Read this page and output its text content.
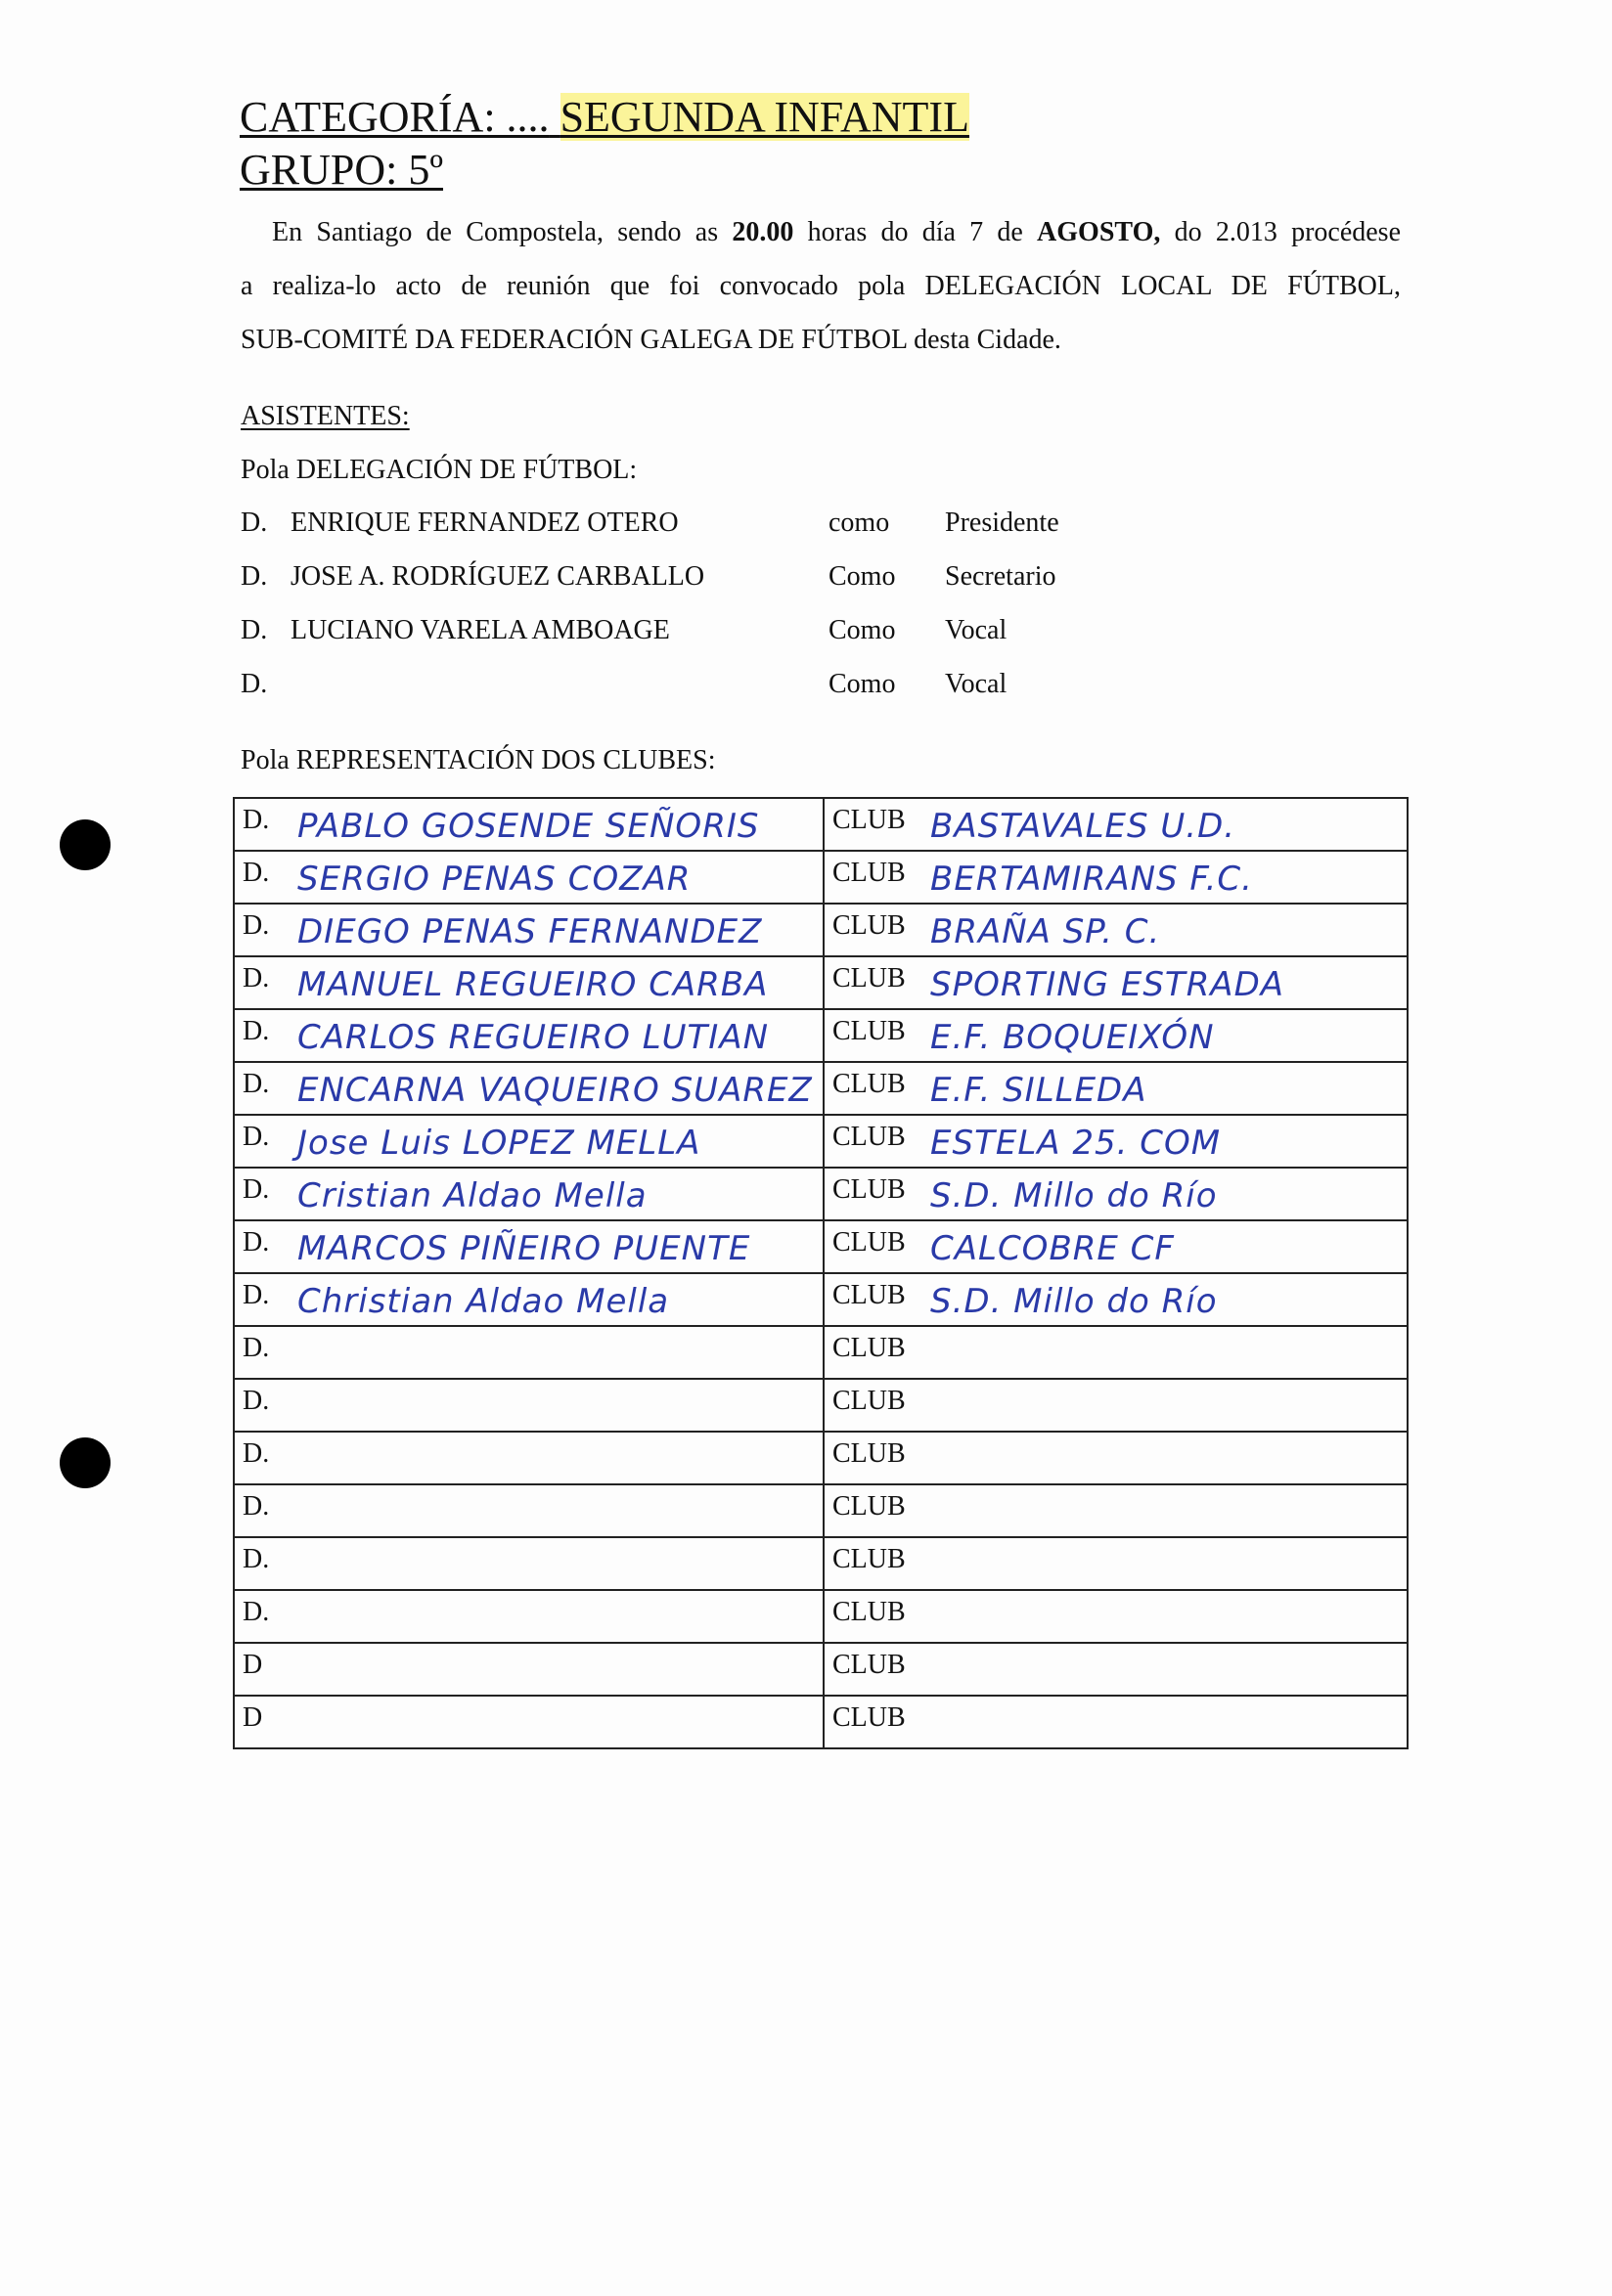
CATEGORÍA: .... SEGUNDA INFANTIL
GRUPO: 5º
En Santiago de Compostela, sendo as 20.00 horas do día 7 de AGOSTO, do 2.013 procédese
a realiza-lo acto de reunión que foi convocado pola DELEGACIÓN LOCAL DE FÚTBOL,
SUB-COMITÉ DA FEDERACIÓN GALEGA DE FÚTBOL desta Cidade.
ASISTENTES:
Pola DELEGACIÓN DE FÚTBOL:
D. ENRIQUE FERNANDEZ OTERO	como Presidente
D. JOSE A. RODRÍGUEZ CARBALLO	Como Secretario
D. LUCIANO VARELA AMBOAGE	Como Vocal
D.	Como Vocal
Pola REPRESENTACIÓN DOS CLUBES:
D. PABLO GOSENDE SEÑORIS	CLUB BASTAVALES U.D.

D. SERGIO PENAS COZAR	CLUB BERTAMIRANS F.C.

D. DIEGO PENAS FERNANDEZ	CLUB BRAÑA SP. C.

D. MANUEL REGUEIRO CARBA	CLUB SPORTING ESTRADA

D. CARLOS REGUEIRO LUTIAN	CLUB E.F. BOQUEIXÓN

D. ENCARNA VAQUEIRO SUAREZ	CLUB E.F. SILLEDA

D. Jose Luis LOPEZ MELLA	CLUB ESTELA 25. COM

D. Cristian Aldao Mella	CLUB S.D. Millo do Río

D. MARCOS PIÑEIRO PUENTE	CLUB CALCOBRE CF

D. Christian Aldao Mella	CLUB S.D. Millo do Río

D.	CLUB

D.	CLUB

D.	CLUB

D.	CLUB

D.	CLUB

D.	CLUB

D	CLUB

D	CLUB
